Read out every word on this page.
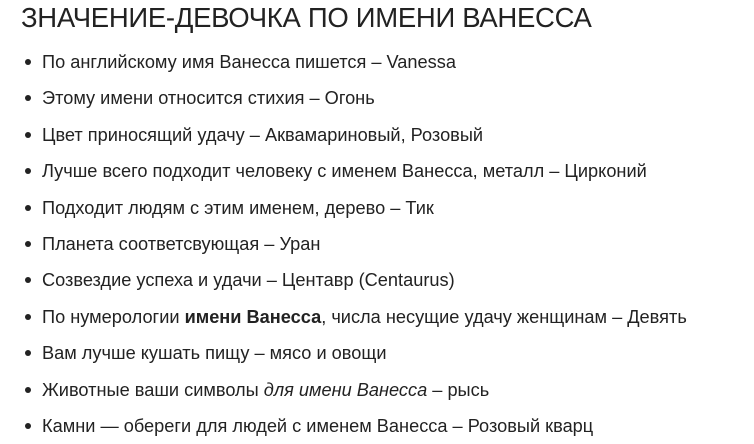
ЗНАЧЕНИЕ-ДЕВОЧКА ПО ИМЕНИ ВАНЕССА
По английскому имя Ванесса пишется – Vanessa
Этому имени относится стихия – Огонь
Цвет приносящий удачу – Аквамариновый, Розовый
Лучше всего подходит человеку с именем Ванесса, металл – Цирконий
Подходит людям с этим именем, дерево – Тик
Планета соответсвующая – Уран
Созвездие успеха и удачи – Центавр (Centaurus)
По нумерологии имени Ванесса, числа несущие удачу женщинам – Девять
Вам лучше кушать пищу – мясо и овощи
Животные ваши символы для имени Ванесса – рысь
Камни — обереги для людей с именем Ванесса – Розовый кварц
